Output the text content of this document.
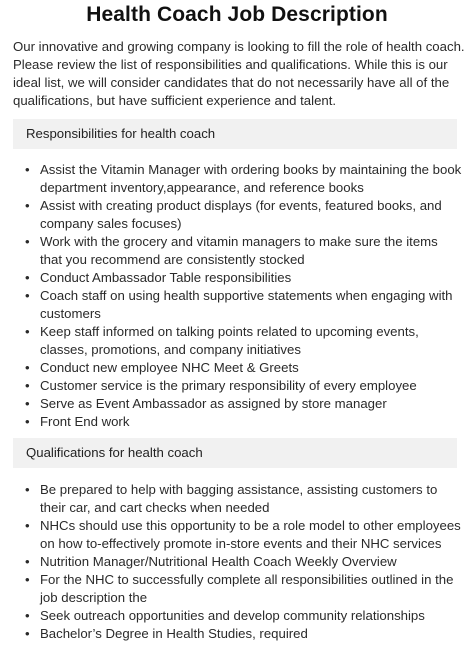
Health Coach Job Description
Our innovative and growing company is looking to fill the role of health coach. Please review the list of responsibilities and qualifications. While this is our ideal list, we will consider candidates that do not necessarily have all of the qualifications, but have sufficient experience and talent.
Responsibilities for health coach
• Assist the Vitamin Manager with ordering books by maintaining the book department inventory,appearance, and reference books
• Assist with creating product displays (for events, featured books, and company sales focuses)
• Work with the grocery and vitamin managers to make sure the items that you recommend are consistently stocked
• Conduct Ambassador Table responsibilities
• Coach staff on using health supportive statements when engaging with customers
• Keep staff informed on talking points related to upcoming events, classes, promotions, and company initiatives
• Conduct new employee NHC Meet & Greets
• Customer service is the primary responsibility of every employee
• Serve as Event Ambassador as assigned by store manager
• Front End work
Qualifications for health coach
• Be prepared to help with bagging assistance, assisting customers to their car, and cart checks when needed
• NHCs should use this opportunity to be a role model to other employees on how to-effectively promote in-store events and their NHC services
• Nutrition Manager/Nutritional Health Coach Weekly Overview
• For the NHC to successfully complete all responsibilities outlined in the job description the
• Seek outreach opportunities and develop community relationships
• Bachelor’s Degree in Health Studies, required
